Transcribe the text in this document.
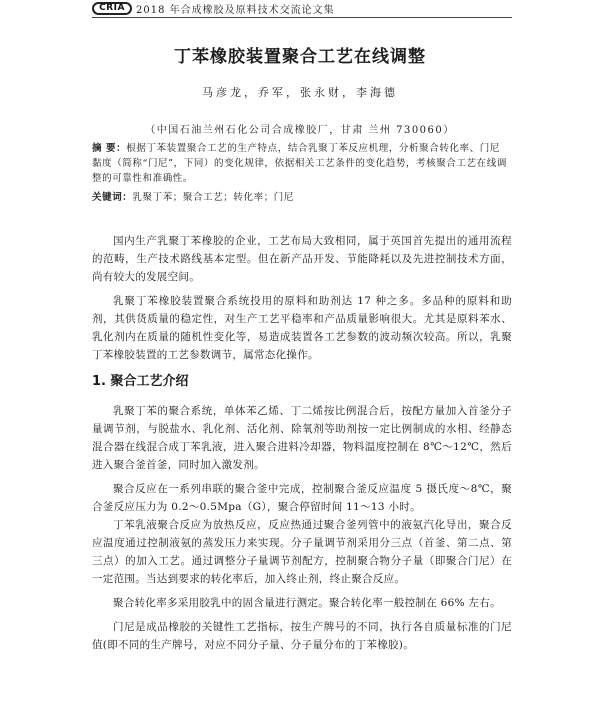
CRIA	2018 年合成橡胶及原料技术交流论文集
丁苯橡胶装置聚合工艺在线调整
马彦龙，乔军，张永财，李海德
（中国石油兰州石化公司合成橡胶厂，甘肃 兰州 730060）
摘 要：根据丁苯装置聚合工艺的生产特点，结合乳聚丁苯反应机理，分析聚合转化率、门尼黏度（简称“门尼”，下同）的变化规律，依据相关工艺条件的变化趋势，考核聚合工艺在线调整的可靠性和准确性。
关键词：乳聚丁苯；聚合工艺；转化率；门尼

国内生产乳聚丁苯橡胶的企业，工艺布局大致相同，属于英国首先提出的通用流程的范畴，生产技术路线基本定型。但在新产品开发、节能降耗以及先进控制技术方面，尚有较大的发展空间。

乳聚丁苯橡胶装置聚合系统投用的原料和助剂达 17 种之多。多品种的原料和助剂，其供货质量的稳定性，对生产工艺平稳率和产品质量影响很大。尤其是原料苯水、乳化剂内在质量的随机性变化等，易造成装置各工艺参数的波动频次较高。所以，乳聚丁苯橡胶装置的工艺参数调节，属常态化操作。

1. 聚合工艺介绍

乳聚丁苯的聚合系统，单体苯乙烯、丁二烯按比例混合后，按配方量加入首釜分子量调节剂，与脱盐水、乳化剂、活化剂、除氧剂等助剂按一定比例制成的水相、经静态混合器在线混合成丁苯乳液，进入聚合进料冷却器，物料温度控制在 8℃～12℃，然后进入聚合釜首釜，同时加入激发剂。

聚合反应在一系列串联的聚合釜中完成，控制聚合釜反应温度 5 摄氏度～8℃，聚合釜反应压力为 0.2～0.5Mpa（G），聚合停留时间 11～13 小时。

丁苯乳液聚合反应为放热反应，反应热通过聚合釜列管中的液氨汽化导出，聚合反应温度通过控制液氨的蒸发压力来实现。分子量调节剂采用分三点（首釜、第二点、第三点）的加入工艺。通过调整分子量调节剂配方，控制聚合物分子量（即聚合门尼）在一定范围。当达到要求的转化率后，加入终止剂，终止聚合反应。

聚合转化率多采用胶乳中的固含量进行测定。聚合转化率一般控制在 66% 左右。

门尼是成品橡胶的关键性工艺指标，按生产牌号的不同，执行各自质量标准的门尼值(即不同的生产牌号，对应不同分子量、分子量分布的丁苯橡胶)。
